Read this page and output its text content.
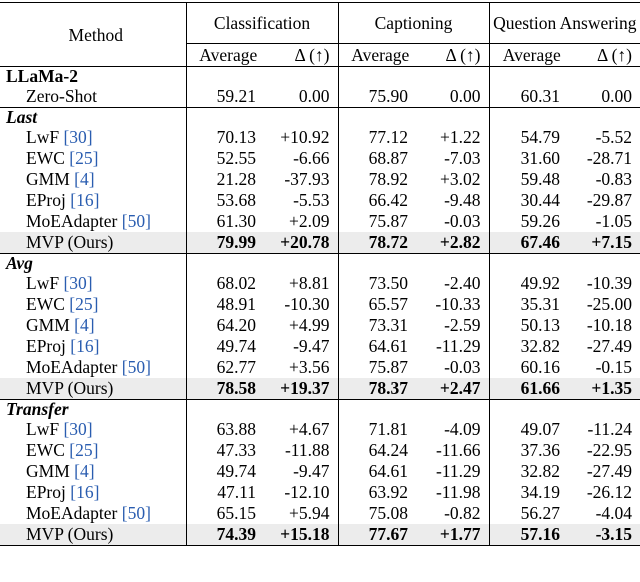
Method	Classification		Captioning		Question Answering	
	Average	Δ (↑)	Average	Δ (↑)	Average	Δ (↑)
LLaMa-2						
Zero-Shot	59.21	0.00	75.90	0.00	60.31	0.00
Last						
LwF [30]	70.13	+10.92	77.12	+1.22	54.79	-5.52
EWC [25]	52.55	-6.66	68.87	-7.03	31.60	-28.71
GMM [4]	21.28	-37.93	78.92	+3.02	59.48	-0.83
EProj [16]	53.68	-5.53	66.42	-9.48	30.44	-29.87
MoEAdapter [50]	61.30	+2.09	75.87	-0.03	59.26	-1.05
MVP (Ours)	79.99	+20.78	78.72	+2.82	67.46	+7.15
Avg						
LwF [30]	68.02	+8.81	73.50	-2.40	49.92	-10.39
EWC [25]	48.91	-10.30	65.57	-10.33	35.31	-25.00
GMM [4]	64.20	+4.99	73.31	-2.59	50.13	-10.18
EProj [16]	49.74	-9.47	64.61	-11.29	32.82	-27.49
MoEAdapter [50]	62.77	+3.56	75.87	-0.03	60.16	-0.15
MVP (Ours)	78.58	+19.37	78.37	+2.47	61.66	+1.35
Transfer						
LwF [30]	63.88	+4.67	71.81	-4.09	49.07	-11.24
EWC [25]	47.33	-11.88	64.24	-11.66	37.36	-22.95
GMM [4]	49.74	-9.47	64.61	-11.29	32.82	-27.49
EProj [16]	47.11	-12.10	63.92	-11.98	34.19	-26.12
MoEAdapter [50]	65.15	+5.94	75.08	-0.82	56.27	-4.04
MVP (Ours)	74.39	+15.18	77.67	+1.77	57.16	-3.15
